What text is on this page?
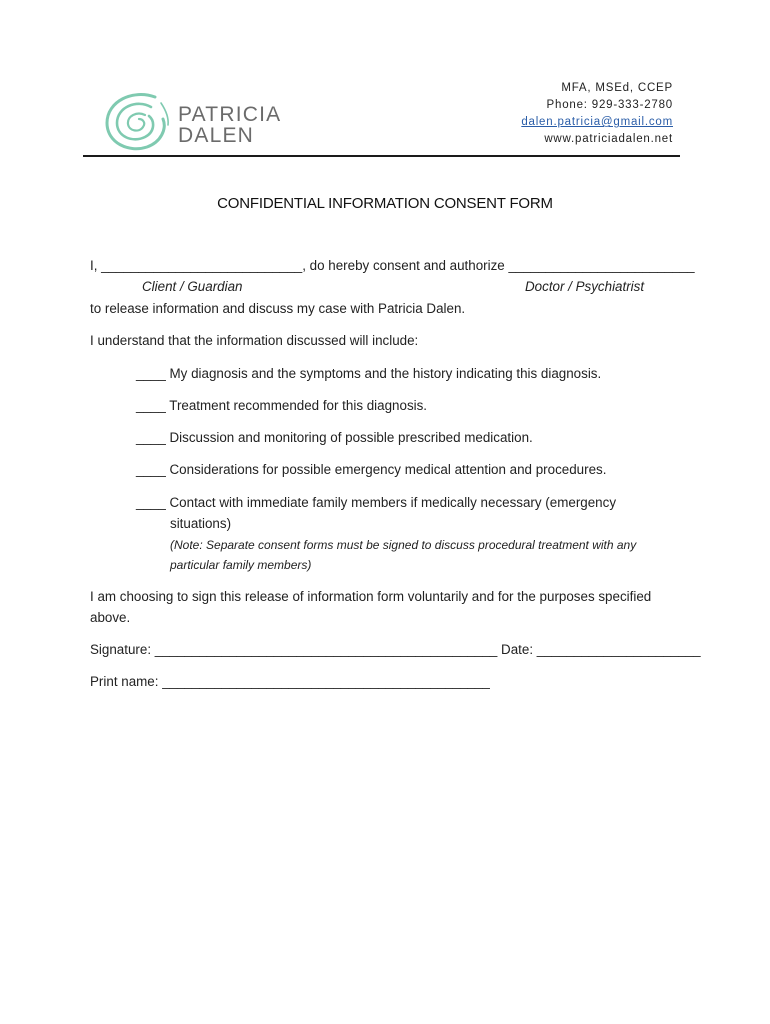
PATRICIA
DALEN
MFA, MSEd, CCEP
Phone: 929-333-2780
dalen.patricia@gmail.com
www.patriciadalen.net
CONFIDENTIAL INFORMATION CONSENT FORM
I, ___________________________, do hereby consent and authorize _________________________
Client / Guardian	Doctor / Psychiatrist
to release information and discuss my case with Patricia Dalen.
I understand that the information discussed will include:
____ My diagnosis and the symptoms and the history indicating this diagnosis.
____ Treatment recommended for this diagnosis.
____ Discussion and monitoring of possible prescribed medication.
____ Considerations for possible emergency medical attention and procedures.
____ Contact with immediate family members if medically necessary (emergency
situations)
(Note: Separate consent forms must be signed to discuss procedural treatment with any
particular family members)
I am choosing to sign this release of information form voluntarily and for the purposes specified
above.
Signature: ______________________________________________ Date: ______________________
Print name: ____________________________________________
